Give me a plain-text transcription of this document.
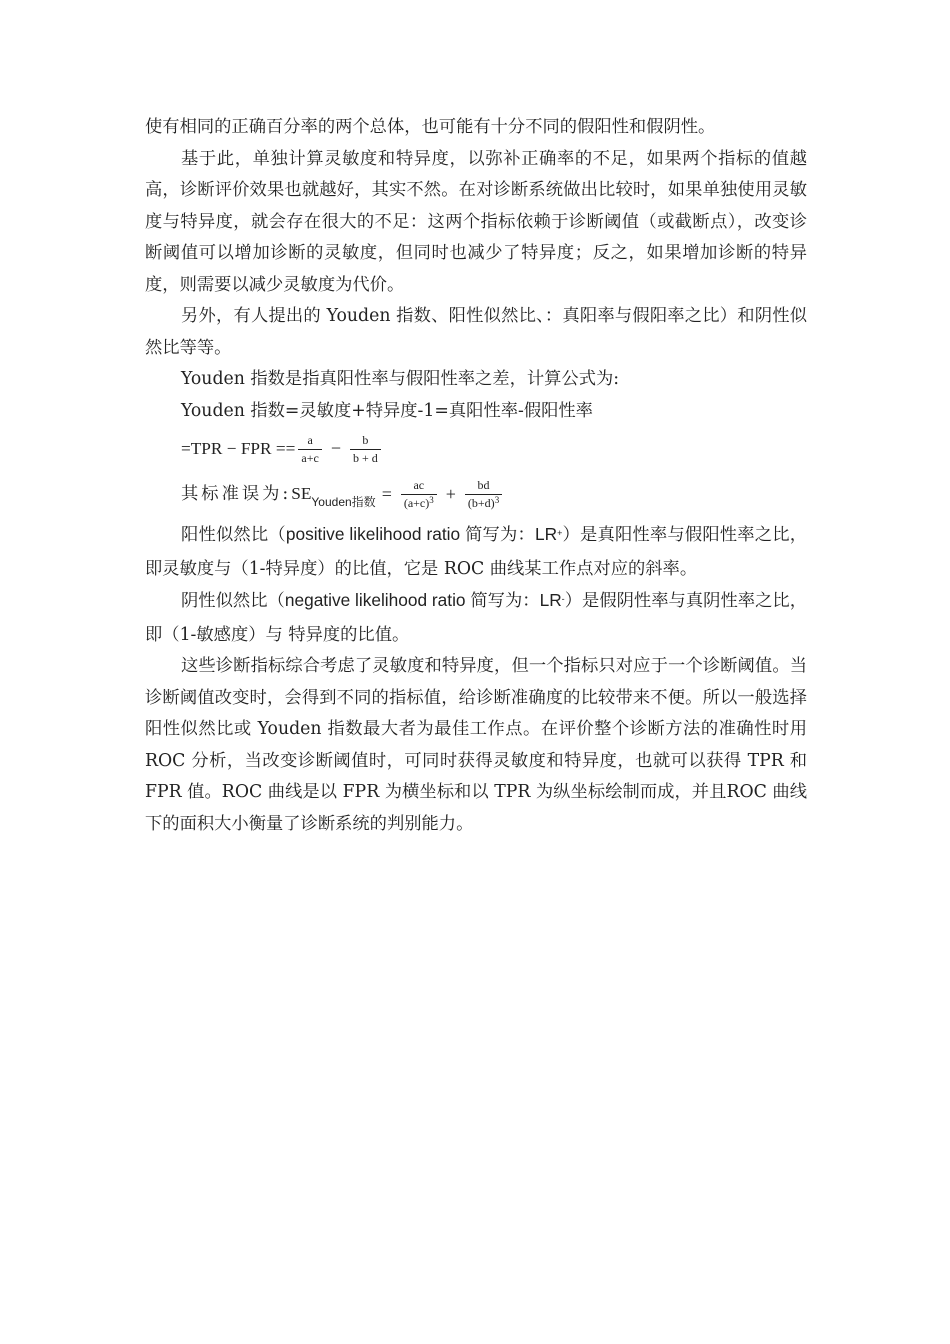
使有相同的正确百分率的两个总体，也可能有十分不同的假阳性和假阴性。

基于此，单独计算灵敏度和特异度，以弥补正确率的不足，如果两个指标的值越高，诊断评价效果也就越好，其实不然。在对诊断系统做出比较时，如果单独使用灵敏度与特异度，就会存在很大的不足：这两个指标依赖于诊断阈值（或截断点），改变诊断阈值可以增加诊断的灵敏度，但同时也减少了特异度；反之，如果增加诊断的特异度，则需要以减少灵敏度为代价。

另外，有人提出的 Youden 指数、阳性似然比、：真阳率与假阳率之比）和阴性似然比等等。

Youden 指数是指真阳性率与假阳性率之差，计算公式为:

Youden 指数=灵敏度+特异度-1=真阳性率-假阳性率

=TPR − FPR == $\frac{a}{a+c} - \frac{b}{b + d}$
其标准误为: $SE_{Youden指数} = \frac{ac}{(a+c)^3} + \frac{bd}{(b+d)^3}$

阳性似然比（positive likelihood ratio 简写为：LR+）是真阳性率与假阳性率之比，即灵敏度与（1-特异度）的比值，它是 ROC 曲线某工作点对应的斜率。

阴性似然比（negative likelihood ratio 简写为：LR-）是假阴性率与真阴性率之比，即（1-敏感度）与 特异度的比值。

这些诊断指标综合考虑了灵敏度和特异度，但一个指标只对应于一个诊断阈值。当诊断阈值改变时，会得到不同的指标值，给诊断准确度的比较带来不便。所以一般选择阳性似然比或 Youden 指数最大者为最佳工作点。在评价整个诊断方法的准确性时用 ROC 分析，当改变诊断阈值时，可同时获得灵敏度和特异度，也就可以获得 TPR 和 FPR 值。ROC 曲线是以 FPR 为横坐标和以 TPR 为纵坐标绘制而成，并且ROC 曲线下的面积大小衡量了诊断系统的判别能力。
